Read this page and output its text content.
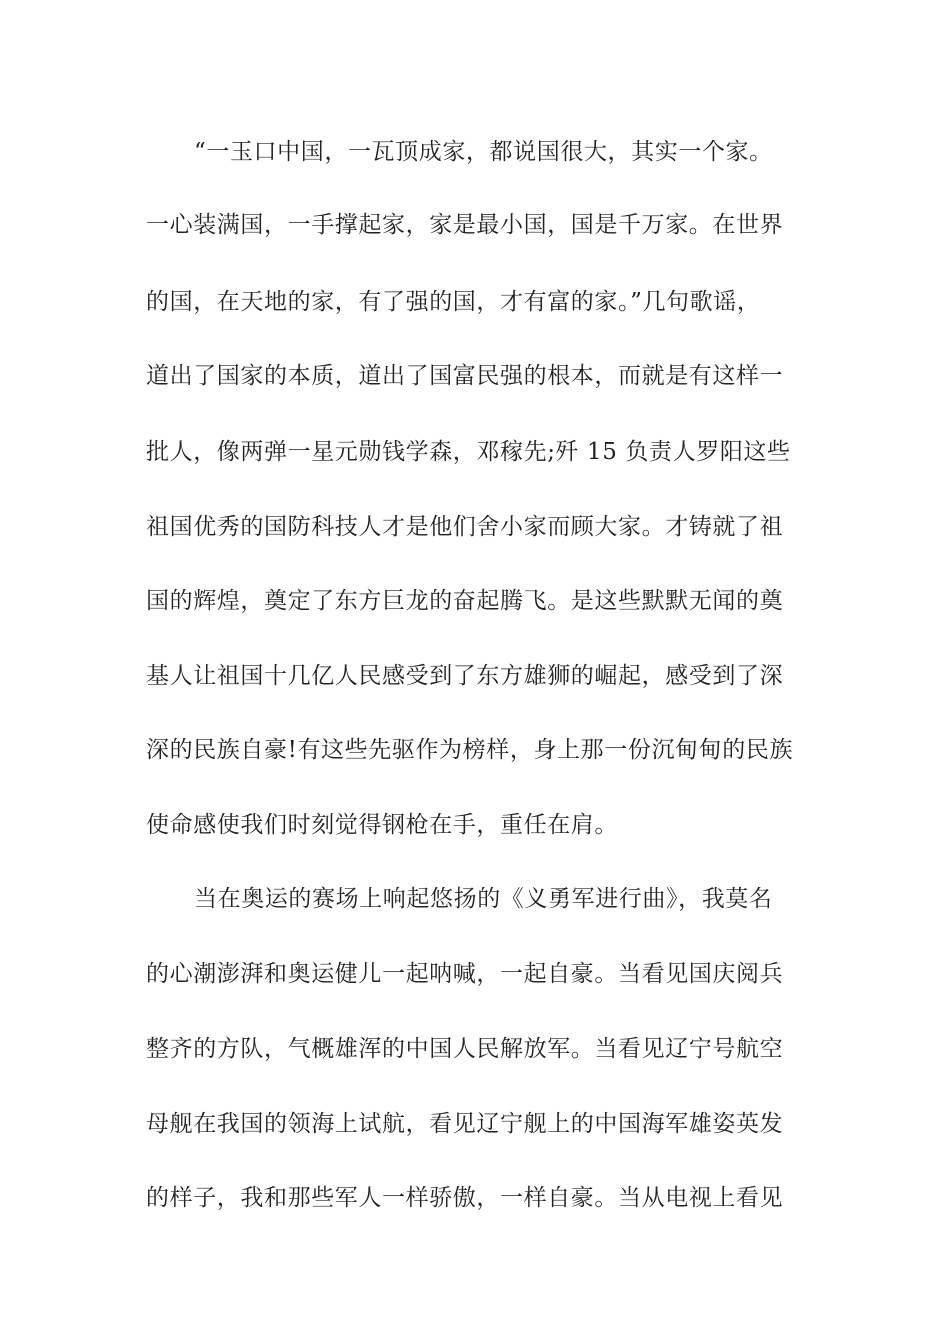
“一玉口中国，一瓦顶成家，都说国很大，其实一个家。
一心装满国，一手撑起家，家是最小国，国是千万家。在世界
的国，在天地的家，有了强的国，才有富的家。”几句歌谣，
道出了国家的本质，道出了国富民强的根本，而就是有这样一
批人，像两弹一星元勋钱学森，邓稼先;歼 15 负责人罗阳这些
祖国优秀的国防科技人才是他们舍小家而顾大家。才铸就了祖
国的辉煌，奠定了东方巨龙的奋起腾飞。是这些默默无闻的奠
基人让祖国十几亿人民感受到了东方雄狮的崛起，感受到了深
深的民族自豪!有这些先驱作为榜样，身上那一份沉甸甸的民族
使命感使我们时刻觉得钢枪在手，重任在肩。
当在奥运的赛场上响起悠扬的《义勇军进行曲》，我莫名
的心潮澎湃和奥运健儿一起呐喊，一起自豪。当看见国庆阅兵
整齐的方队，气概雄浑的中国人民解放军。当看见辽宁号航空
母舰在我国的领海上试航，看见辽宁舰上的中国海军雄姿英发
的样子，我和那些军人一样骄傲，一样自豪。当从电视上看见
